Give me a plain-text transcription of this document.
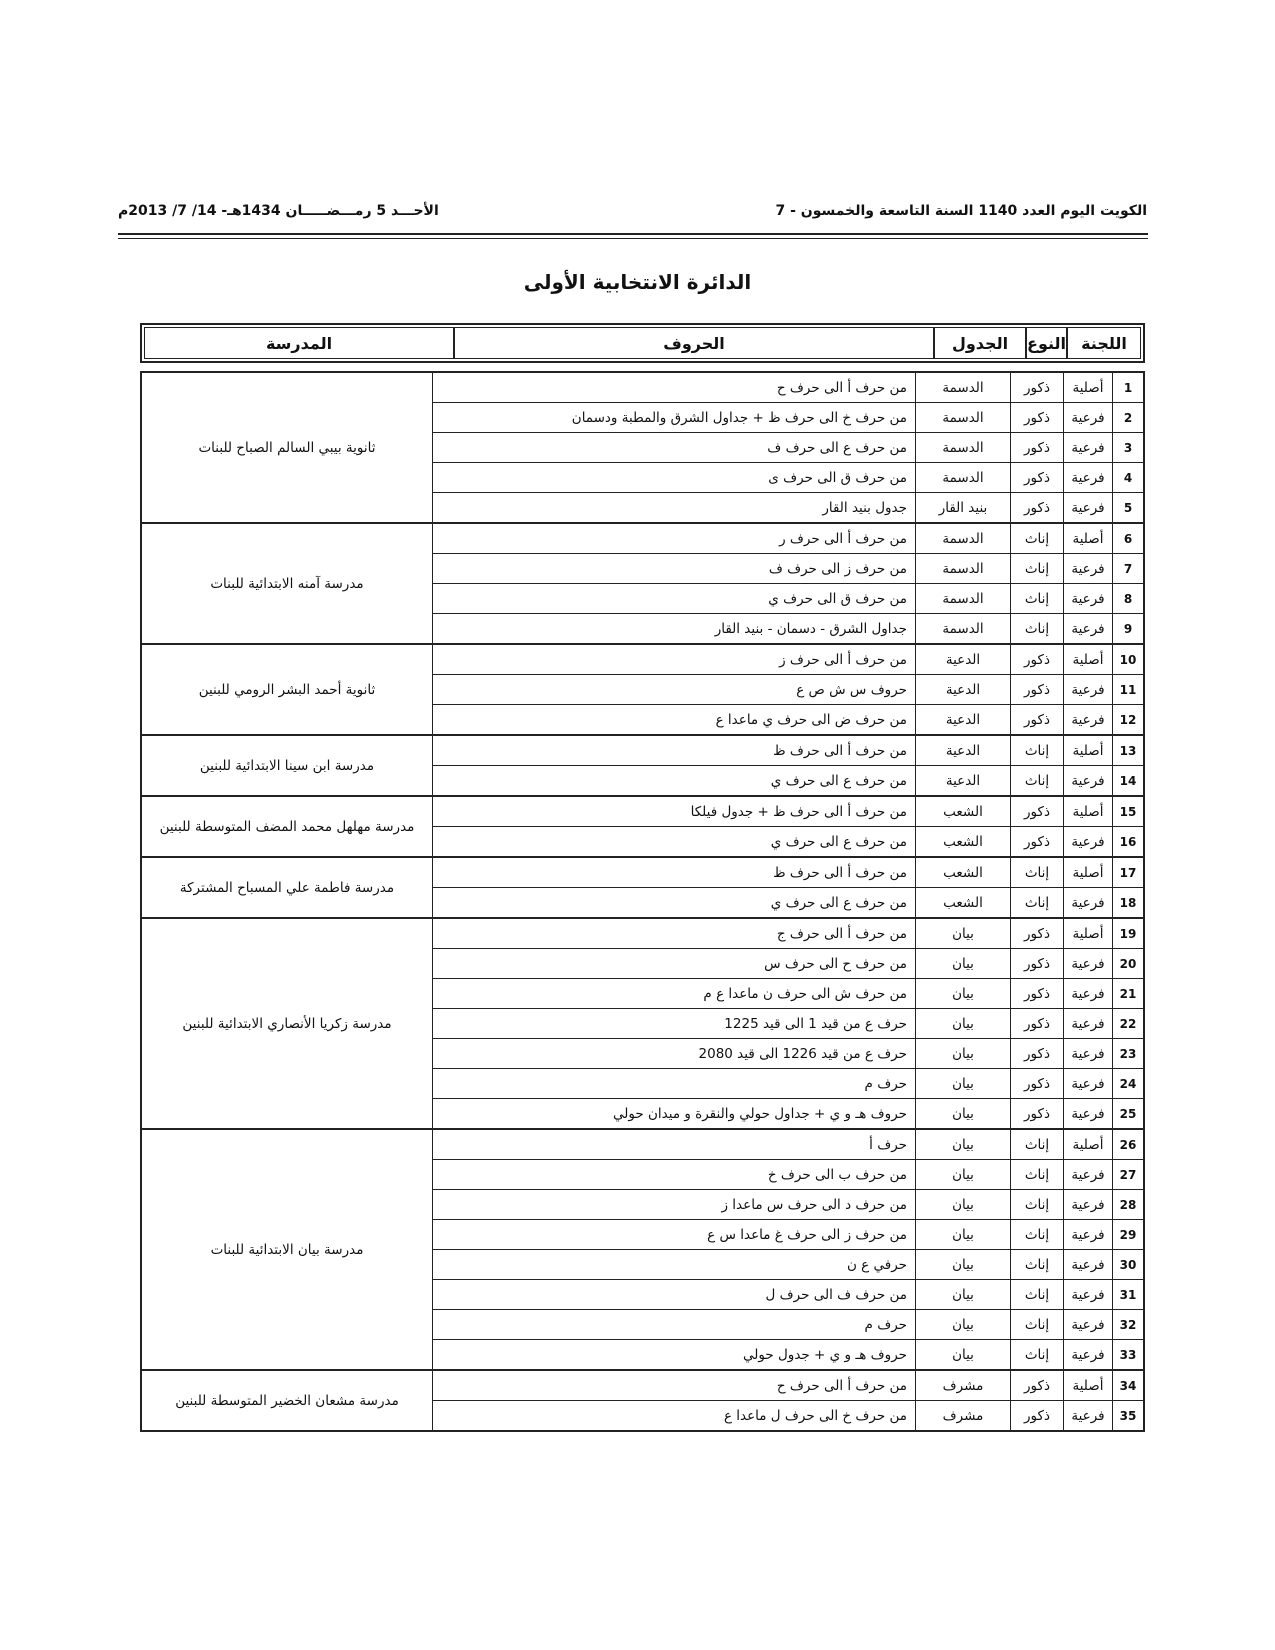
الأحـــد 5 رمـــضـــــان 1434هـ- 14/ 7/ 2013م	الكويت اليوم العدد 1140 السنة التاسعة والخمسون - 7
الدائرة الانتخابية الأولى
اللجنة	النوع	الجدول	الحروف	المدرسة
1	أصلية	ذكور	الدسمة	من حرف أ الى حرف ح	ثانوية بيبي السالم الصباح للبنات
2	فرعية	ذكور	الدسمة	من حرف خ الى حرف ظ + جداول الشرق والمطبة ودسمان	
3	فرعية	ذكور	الدسمة	من حرف ع الى حرف ف	
4	فرعية	ذكور	الدسمة	من حرف ق الى حرف ى	
5	فرعية	ذكور	بنيد القار	جدول بنيد القار	
6	أصلية	إناث	الدسمة	من حرف أ الى حرف ر	مدرسة آمنه الابتدائية للبنات
7	فرعية	إناث	الدسمة	من حرف ز الى حرف ف	
8	فرعية	إناث	الدسمة	من حرف ق الى حرف ي	
9	فرعية	إناث	الدسمة	جداول الشرق - دسمان - بنيد القار	
10	أصلية	ذكور	الدعية	من حرف أ الى حرف ز	ثانوية أحمد البشر الرومي للبنين
11	فرعية	ذكور	الدعية	حروف س ش ص ع	
12	فرعية	ذكور	الدعية	من حرف ض الى حرف ي ماعدا ع	
13	أصلية	إناث	الدعية	من حرف أ الى حرف ظ	مدرسة ابن سينا الابتدائية للبنين
14	فرعية	إناث	الدعية	من حرف ع الى حرف ي	
15	أصلية	ذكور	الشعب	من حرف أ الى حرف ظ + جدول فيلكا	مدرسة مهلهل محمد المضف المتوسطة للبنين
16	فرعية	ذكور	الشعب	من حرف ع الى حرف ي	
17	أصلية	إناث	الشعب	من حرف أ الى حرف ظ	مدرسة فاطمة علي المسباح المشتركة
18	فرعية	إناث	الشعب	من حرف ع الى حرف ي	
19	أصلية	ذكور	بيان	من حرف أ الى حرف ج	مدرسة زكريا الأنصاري الابتدائية للبنين
20	فرعية	ذكور	بيان	من حرف ح الى حرف س	
21	فرعية	ذكور	بيان	من حرف ش الى حرف ن ماعدا ع م	
22	فرعية	ذكور	بيان	حرف ع من قيد 1 الى قيد 1225	
23	فرعية	ذكور	بيان	حرف ع من قيد 1226 الى قيد 2080	
24	فرعية	ذكور	بيان	حرف م	
25	فرعية	ذكور	بيان	حروف هـ و ي + جداول حولي والنقرة و ميدان حولي	
26	أصلية	إناث	بيان	حرف أ	مدرسة بيان الابتدائية للبنات
27	فرعية	إناث	بيان	من حرف ب الى حرف خ	
28	فرعية	إناث	بيان	من حرف د الى حرف س ماعدا ز	
29	فرعية	إناث	بيان	من حرف ز الى حرف غ ماعدا س ع	
30	فرعية	إناث	بيان	حرفي ع ن	
31	فرعية	إناث	بيان	من حرف ف الى حرف ل	
32	فرعية	إناث	بيان	حرف م	
33	فرعية	إناث	بيان	حروف هـ و ي + جدول حولي	
34	أصلية	ذكور	مشرف	من حرف أ الى حرف ح	مدرسة مشعان الخضير المتوسطة للبنين
35	فرعية	ذكور	مشرف	من حرف خ الى حرف ل ماعدا ع	
